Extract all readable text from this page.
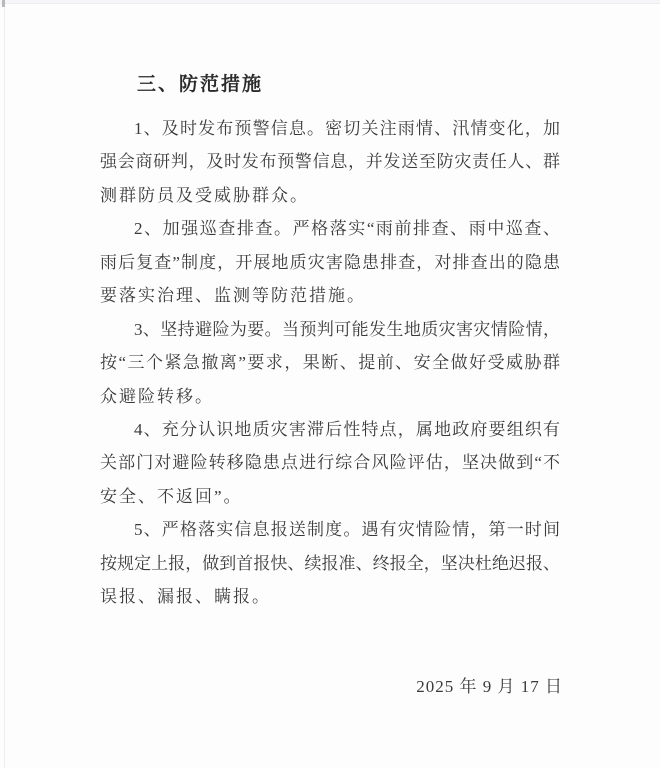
三、防范措施
1、及时发布预警信息。密切关注雨情、汛情变化，加
强会商研判，及时发布预警信息，并发送至防灾责任人、群
测群防员及受威胁群众。
2、加强巡查排查。严格落实“雨前排查、雨中巡查、
雨后复查”制度，开展地质灾害隐患排查，对排查出的隐患
要落实治理、监测等防范措施。
3、坚持避险为要。当预判可能发生地质灾害灾情险情，
按“三个紧急撤离”要求，果断、提前、安全做好受威胁群
众避险转移。
4、充分认识地质灾害滞后性特点，属地政府要组织有
关部门对避险转移隐患点进行综合风险评估，坚决做到“不
安全、不返回”。
5、严格落实信息报送制度。遇有灾情险情，第一时间
按规定上报，做到首报快、续报准、终报全，坚决杜绝迟报、
误报、漏报、瞒报。
2025 年 9 月 17 日
